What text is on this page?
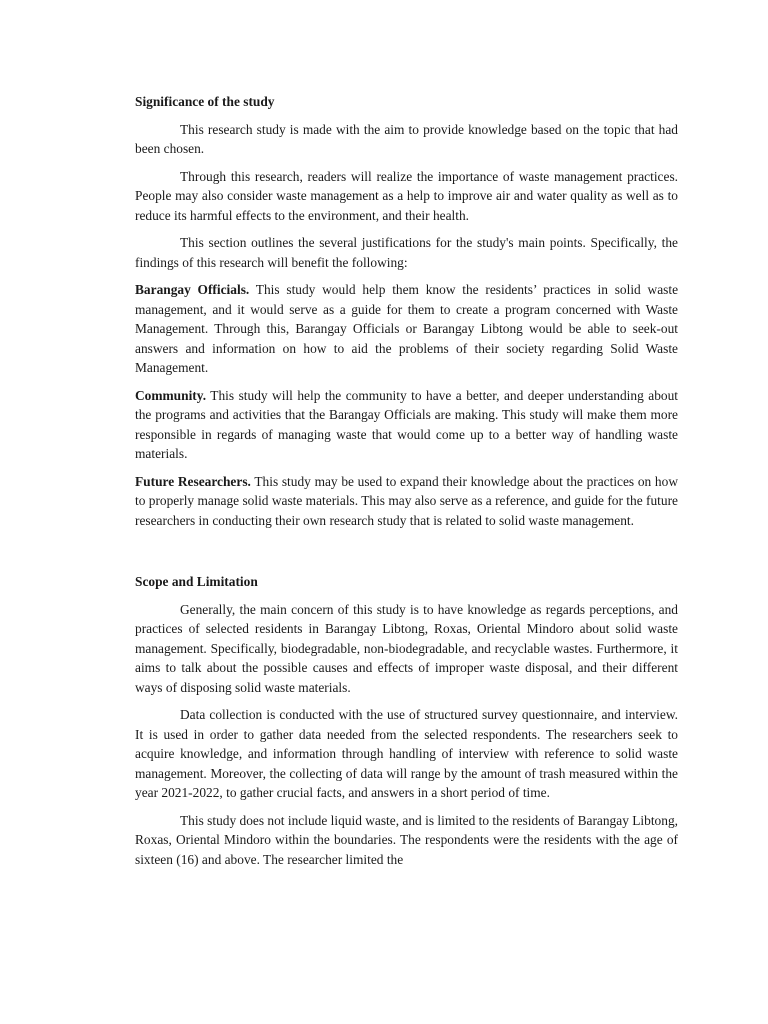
Significance of the study

This research study is made with the aim to provide knowledge based on the topic that had been chosen.

Through this research, readers will realize the importance of waste management practices. People may also consider waste management as a help to improve air and water quality as well as to reduce its harmful effects to the environment, and their health.

This section outlines the several justifications for the study's main points. Specifically, the findings of this research will benefit the following:

Barangay Officials. This study would help them know the residents’ practices in solid waste management, and it would serve as a guide for them to create a program concerned with Waste Management. Through this, Barangay Officials or Barangay Libtong would be able to seek-out answers and information on how to aid the problems of their society regarding Solid Waste Management.

Community. This study will help the community to have a better, and deeper understanding about the programs and activities that the Barangay Officials are making. This study will make them more responsible in regards of managing waste that would come up to a better way of handling waste materials.

Future Researchers. This study may be used to expand their knowledge about the practices on how to properly manage solid waste materials. This may also serve as a reference, and guide for the future researchers in conducting their own research study that is related to solid waste management.

Scope and Limitation

Generally, the main concern of this study is to have knowledge as regards perceptions, and practices of selected residents in Barangay Libtong, Roxas, Oriental Mindoro about solid waste management. Specifically, biodegradable, non-biodegradable, and recyclable wastes. Furthermore, it aims to talk about the possible causes and effects of improper waste disposal, and their different ways of disposing solid waste materials.

Data collection is conducted with the use of structured survey questionnaire, and interview. It is used in order to gather data needed from the selected respondents. The researchers seek to acquire knowledge, and information through handling of interview with reference to solid waste management. Moreover, the collecting of data will range by the amount of trash measured within the year 2021-2022, to gather crucial facts, and answers in a short period of time.

This study does not include liquid waste, and is limited to the residents of Barangay Libtong, Roxas, Oriental Mindoro within the boundaries. The respondents were the residents with the age of sixteen (16) and above. The researcher limited the
